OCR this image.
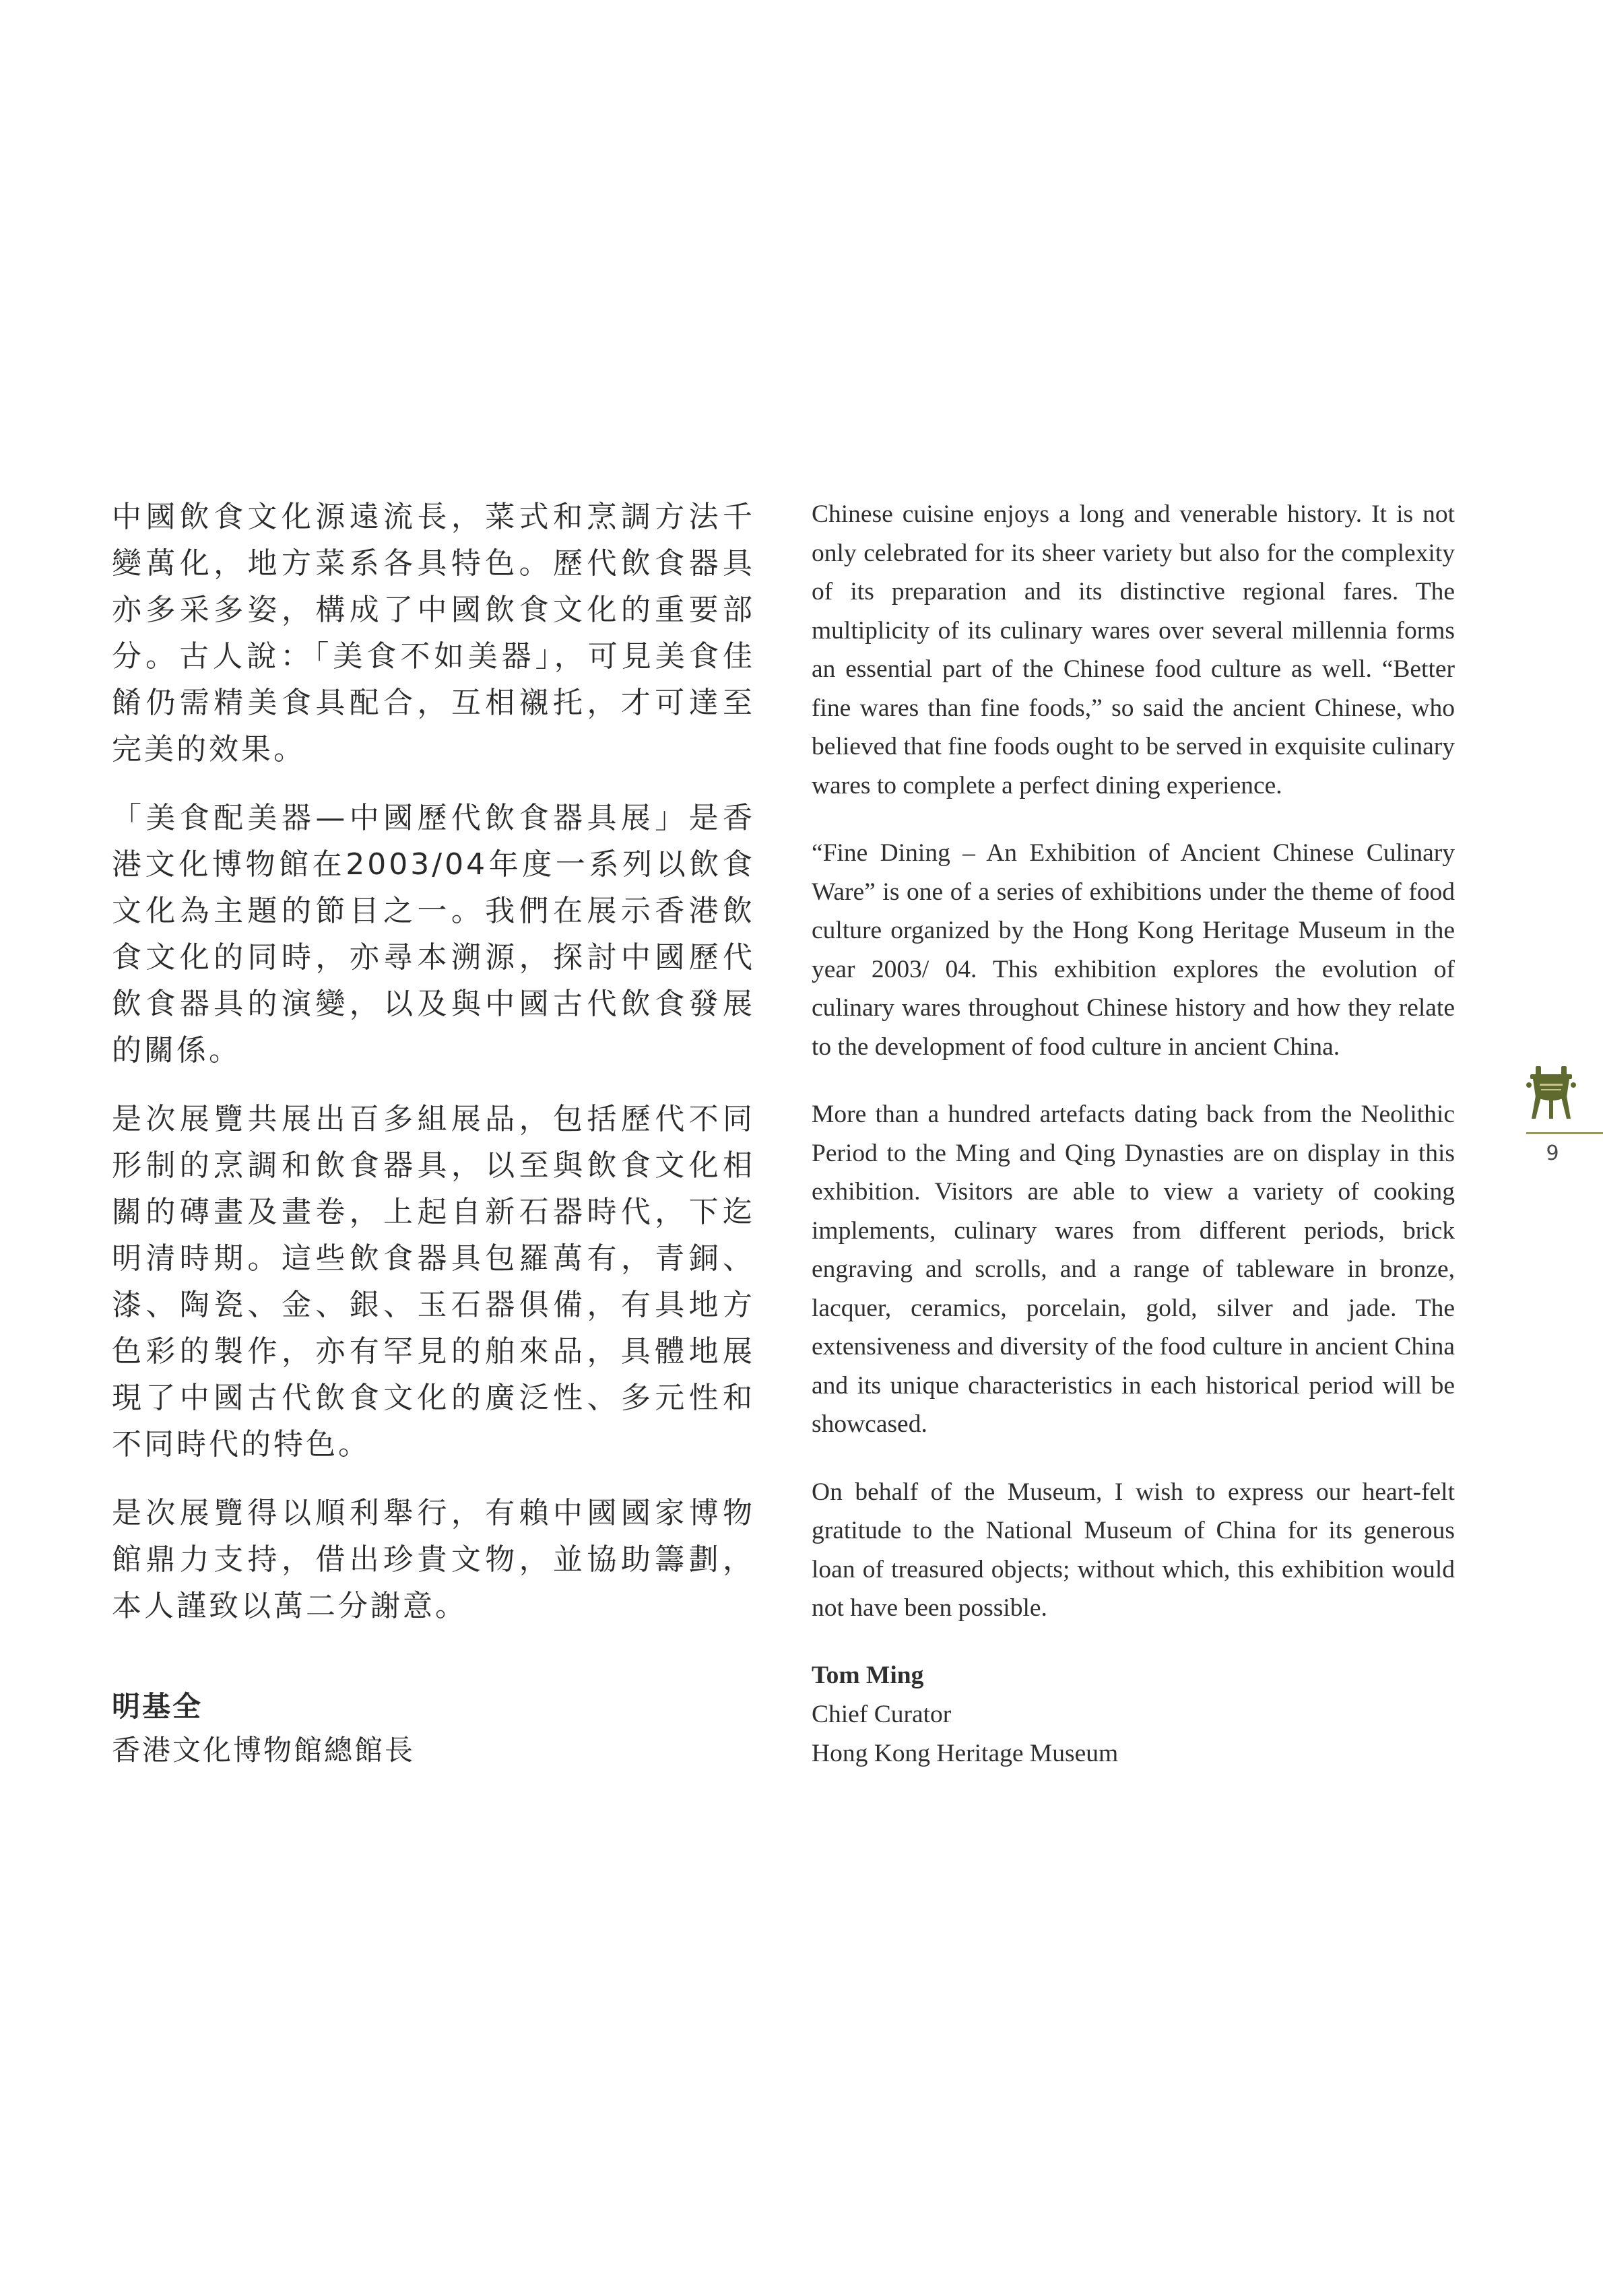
中國飲食文化源遠流長，菜式和烹調方法千變萬化，地方菜系各具特色。歷代飲食器具亦多采多姿，構成了中國飲食文化的重要部分。古人說：「美食不如美器」，可見美食佳餚仍需精美食具配合，互相襯托，才可達至完美的效果。

「美食配美器—中國歷代飲食器具展」是香港文化博物館在2003/04年度一系列以飲食文化為主題的節目之一。我們在展示香港飲食文化的同時，亦尋本溯源，探討中國歷代飲食器具的演變，以及與中國古代飲食發展的關係。

是次展覽共展出百多組展品，包括歷代不同形制的烹調和飲食器具，以至與飲食文化相關的磚畫及畫卷，上起自新石器時代，下迄明清時期。這些飲食器具包羅萬有，青銅、漆、陶瓷、金、銀、玉石器俱備，有具地方色彩的製作，亦有罕見的舶來品，具體地展現了中國古代飲食文化的廣泛性、多元性和不同時代的特色。

是次展覽得以順利舉行，有賴中國國家博物館鼎力支持，借出珍貴文物，並協助籌劃，本人謹致以萬二分謝意。

明基全
香港文化博物館總館長

Chinese cuisine enjoys a long and venerable history. It is not only celebrated for its sheer variety but also for the complexity of its preparation and its distinctive regional fares. The multiplicity of its culinary wares over several millennia forms an essential part of the Chinese food culture as well. “Better fine wares than fine foods,” so said the ancient Chinese, who believed that fine foods ought to be served in exquisite culinary wares to complete a perfect dining experience.

“Fine Dining – An Exhibition of Ancient Chinese Culinary Ware” is one of a series of exhibitions under the theme of food culture organized by the Hong Kong Heritage Museum in the year 2003/ 04. This exhibition explores the evolution of culinary wares throughout Chinese history and how they relate to the development of food culture in ancient China.

More than a hundred artefacts dating back from the Neolithic Period to the Ming and Qing Dynasties are on display in this exhibition. Visitors are able to view a variety of cooking implements, culinary wares from different periods, brick engraving and scrolls, and a range of tableware in bronze, lacquer, ceramics, porcelain, gold, silver and jade. The extensiveness and diversity of the food culture in ancient China and its unique characteristics in each historical period will be showcased.

On behalf of the Museum, I wish to express our heart-felt gratitude to the National Museum of China for its generous loan of treasured objects; without which, this exhibition would not have been possible.

Tom Ming
Chief Curator
Hong Kong Heritage Museum
9
